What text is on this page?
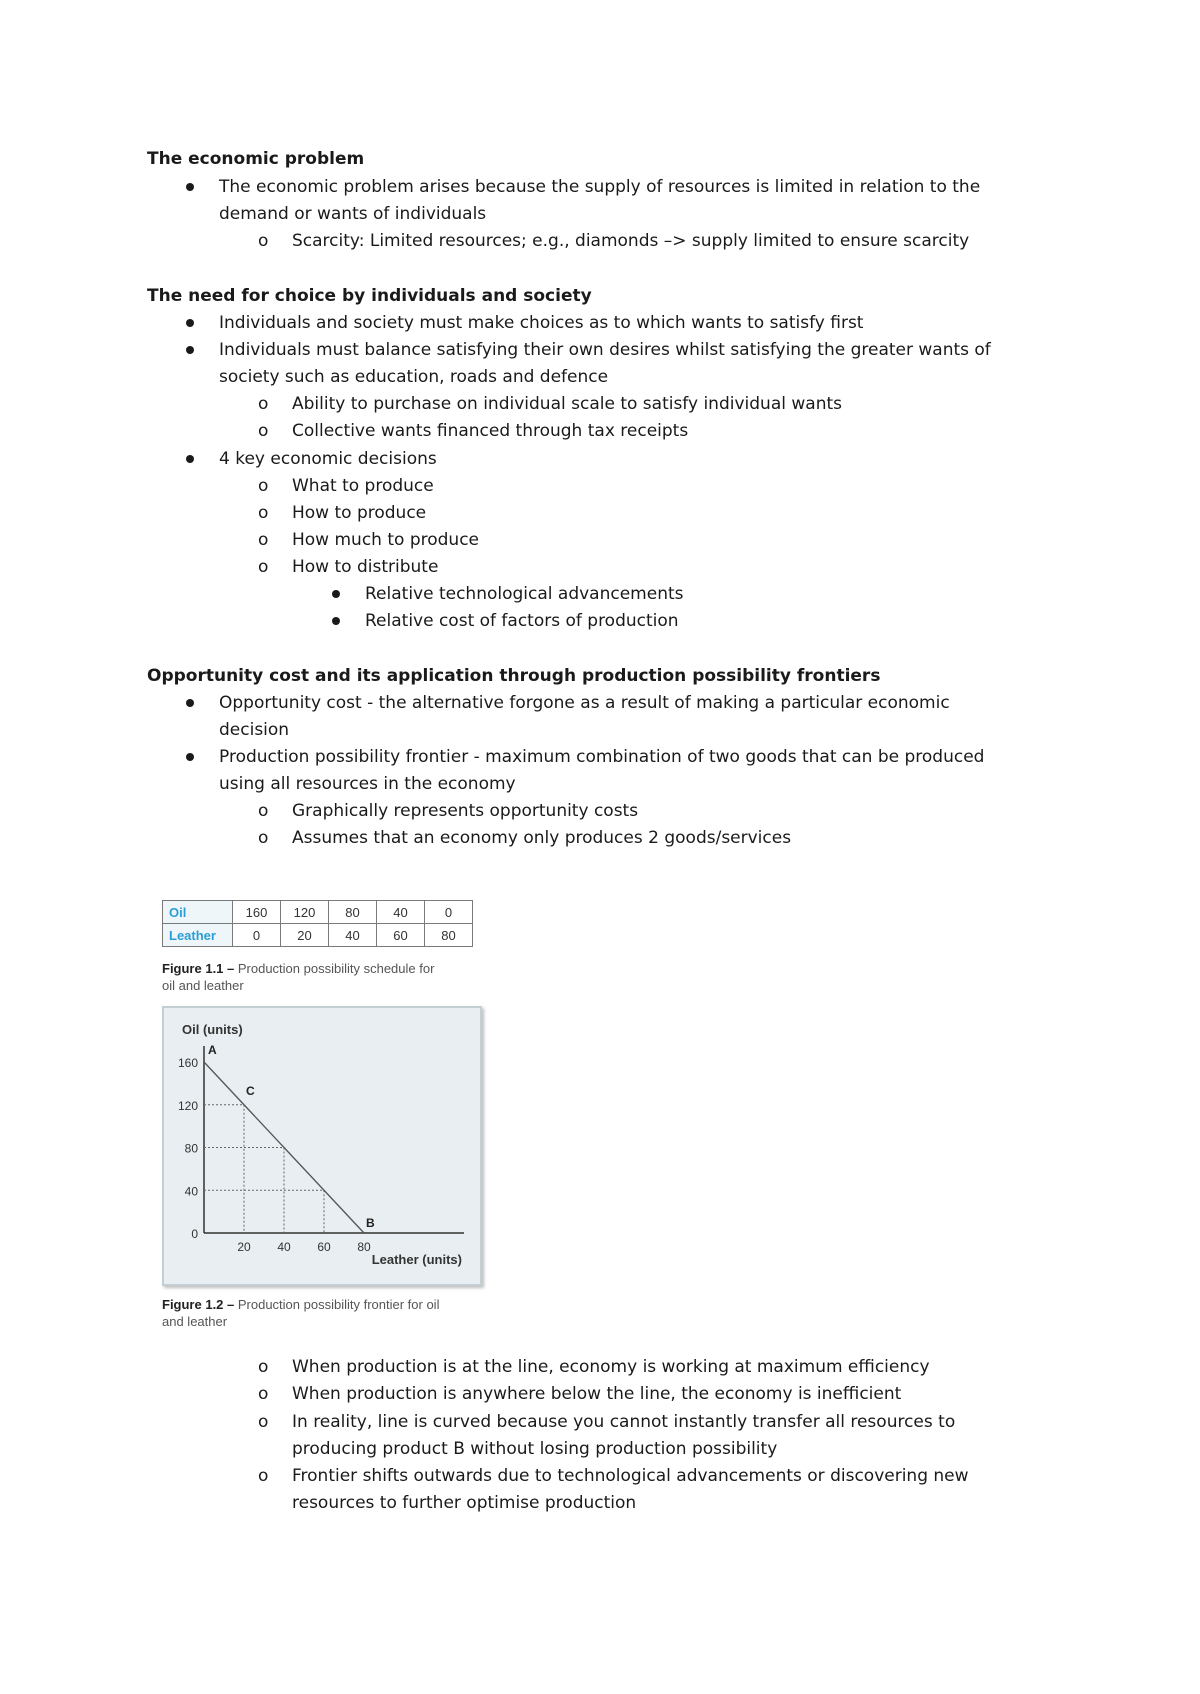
The economic problem
The economic problem arises because the supply of resources is limited in relation to the
demand or wants of individuals
o Scarcity: Limited resources; e.g., diamonds –> supply limited to ensure scarcity
The need for choice by individuals and society
Individuals and society must make choices as to which wants to satisfy first
Individuals must balance satisfying their own desires whilst satisfying the greater wants of
society such as education, roads and defence
o Ability to purchase on individual scale to satisfy individual wants
o Collective wants financed through tax receipts
4 key economic decisions
o What to produce
o How to produce
o How much to produce
o How to distribute
Relative technological advancements
Relative cost of factors of production
Opportunity cost and its application through production possibility frontiers
Opportunity cost - the alternative forgone as a result of making a particular economic
decision
Production possibility frontier - maximum combination of two goods that can be produced
using all resources in the economy
o Graphically represents opportunity costs
o Assumes that an economy only produces 2 goods/services
Oil	160	120	80	40	0
Leather	0	20	40	60	80
Figure 1.1 – Production possibility schedule for
oil and leather
Oil (units)
Leather (units)
0
40
80
120
160
20 40 60 80
A
C
B
Figure 1.2 – Production possibility frontier for oil
and leather
o When production is at the line, economy is working at maximum efficiency
o When production is anywhere below the line, the economy is inefficient
o In reality, line is curved because you cannot instantly transfer all resources to
producing product B without losing production possibility
o Frontier shifts outwards due to technological advancements or discovering new
resources to further optimise production
